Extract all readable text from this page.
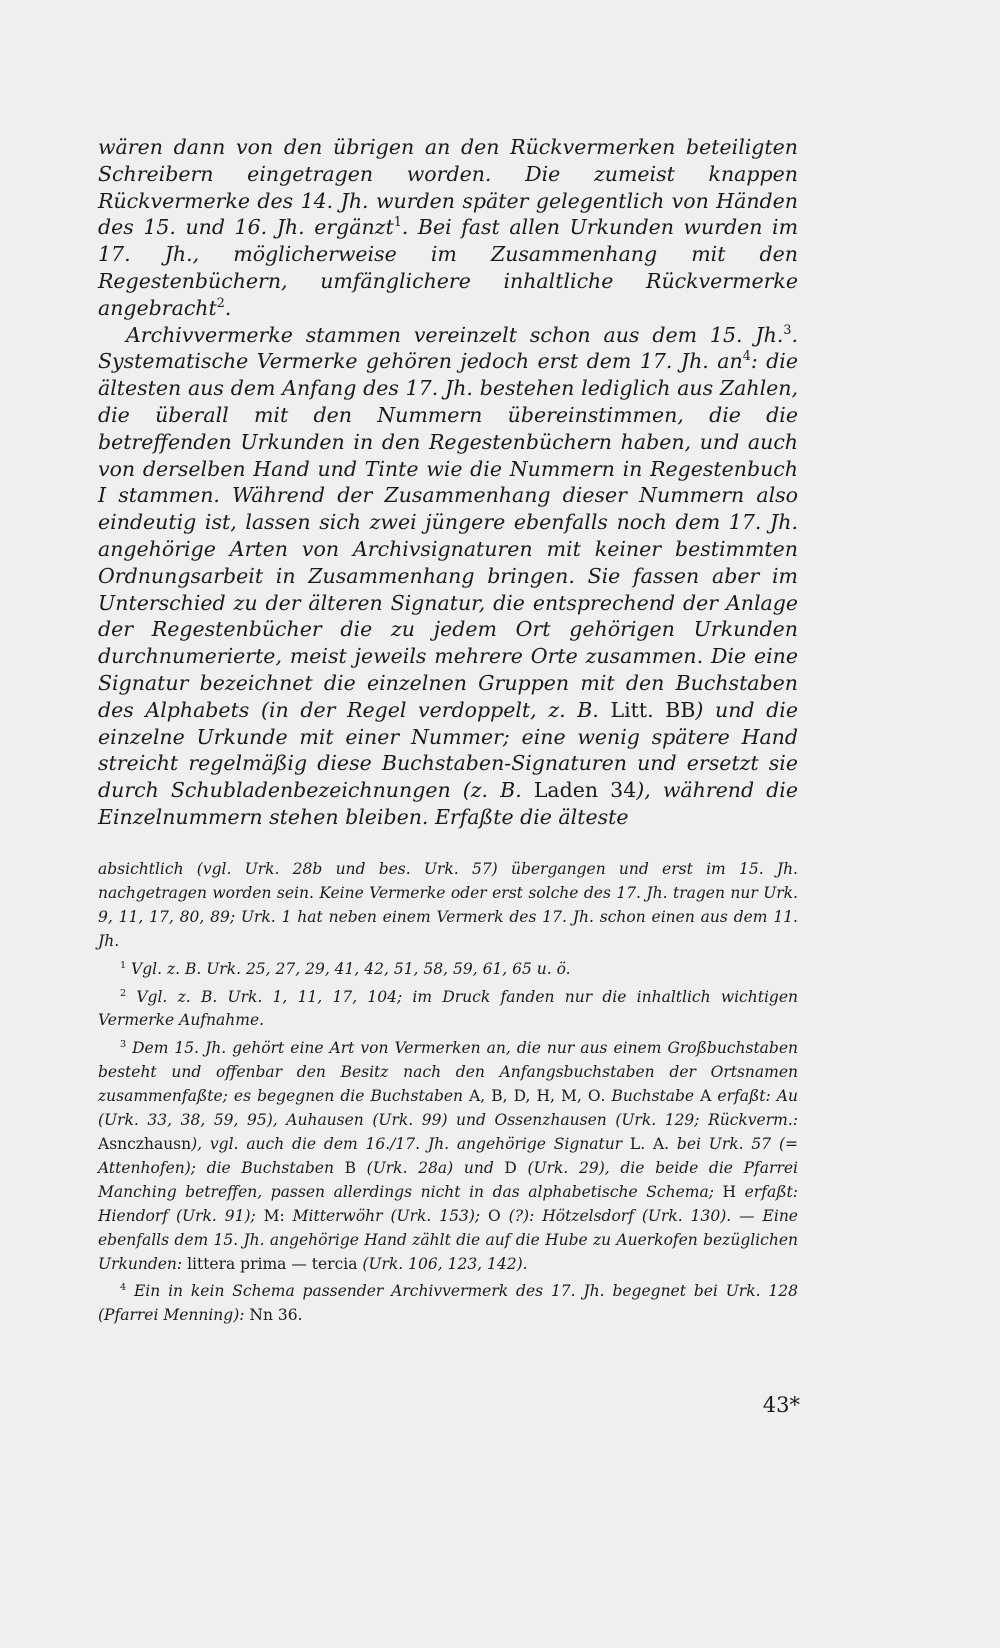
wären dann von den übrigen an den Rückvermerken beteiligten Schreibern eingetragen worden. Die zumeist knappen Rückvermerke des 14. Jh. wurden später gelegentlich von Händen des 15. und 16. Jh. ergänzt$^1$. Bei fast allen Urkunden wurden im 17. Jh., möglicherweise im Zusammenhang mit den Regestenbüchern, umfänglichere inhaltliche Rückvermerke angebracht$^2$.

Archivvermerke stammen vereinzelt schon aus dem 15. Jh.$^3$. Systematische Vermerke gehören jedoch erst dem 17. Jh. $an^4$: die ältesten aus dem Anfang des 17. Jh. bestehen lediglich aus Zahlen, die überall mit den Nummern übereinstimmen, die die betreffenden Urkunden in den Regestenbüchern haben, und auch von derselben Hand und Tinte wie die Nummern in Regestenbuch I stammen. Während der Zusammenhang dieser Nummern also eindeutig ist, lassen sich zwei jüngere ebenfalls noch dem 17. Jh. angehörige Arten von Archivsignaturen mit keiner bestimmten Ordnungsarbeit in Zusammenhang bringen. Sie fassen aber im Unterschied zu der älteren Signatur, die entsprechend der Anlage der Regestenbücher die zu jedem Ort gehörigen Urkunden durchnumerierte, meist jeweils mehrere Orte zusammen. Die eine Signatur bezeichnet die einzelnen Gruppen mit den Buchstaben des Alphabets (in der Regel verdoppelt, z. B. Litt. BB) und die einzelne Urkunde mit einer Nummer; eine wenig spätere Hand streicht regelmäßig diese Buchstaben-Signaturen und ersetzt sie durch Schubladenbezeichnungen (z. B. Laden 34), während die Einzelnummern stehen bleiben. Erfaßte die älteste

absichtlich (vgl. Urk. 28b und bes. Urk. 57) übergangen und erst im 15. Jh. nachgetragen worden sein. Keine Vermerke oder erst solche des 17. Jh. tragen nur Urk. 9, 11, 17, 80, 89; Urk. 1 hat neben einem Vermerk des 17. Jh. schon einen aus dem 11. Jh.

$^1$ Vgl. z. B. Urk. 25, 27, 29, 41, 42, 51, 58, 59, 61, 65 u. ö.

$^2$ Vgl. z. B. Urk. 1, 11, 17, 104; im Druck fanden nur die inhaltlich wichtigen Vermerke Aufnahme.

$^3$ Dem 15. Jh. gehört eine Art von Vermerken an, die nur aus einem Großbuchstaben besteht und offenbar den Besitz nach den Anfangsbuchstaben der Ortsnamen zusammenfaßte; es begegnen die Buchstaben A, B, D, H, M, O. Buchstabe A erfaßt: Au (Urk. 33, 38, 59, 95), Auhausen (Urk. 99) und Ossenzhausen (Urk. 129; Rückverm.: Asnczhausn), vgl. auch die dem 16./17. Jh. angehörige Signatur L. A. bei Urk. 57 (= Attenhofen); die Buchstaben B (Urk. 28a) und D (Urk. 29), die beide die Pfarrei Manching betreffen, passen allerdings nicht in das alphabetische Schema; H erfaßt: Hiendorf (Urk. 91); M: Mitterwöhr (Urk. 153); O (?): Hötzelsdorf (Urk. 130). — Eine ebenfalls dem 15. Jh. angehörige Hand zählt die auf die Hube zu Auerkofen bezüglichen Urkunden: littera prima — tercia (Urk. 106, 123, 142).

$^4$ Ein in kein Schema passender Archivvermerk des 17. Jh. begegnet bei Urk. 128 (Pfarrei Menning): Nn 36.

43*
